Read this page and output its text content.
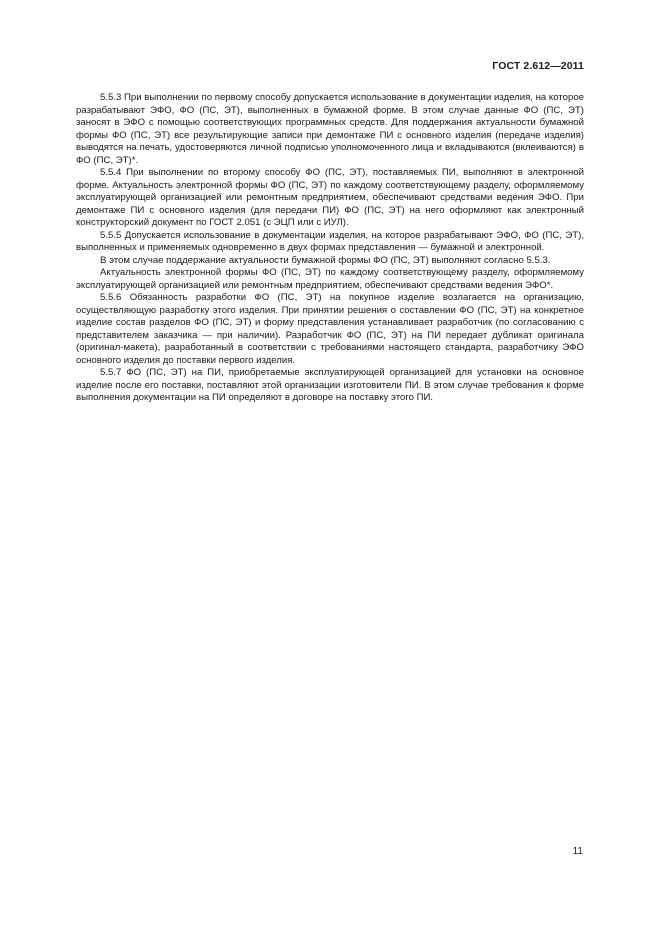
ГОСТ 2.612—2011

5.5.3 При выполнении по первому способу допускается использование в документации изделия, на которое разрабатывают ЭФО, ФО (ПС, ЭТ), выполненных в бумажной форме. В этом случае данные ФО (ПС, ЭТ) заносят в ЭФО с помощью соответствующих программных средств. Для поддержания актуальности бумажной формы ФО (ПС, ЭТ) все результирующие записи при демонтаже ПИ с основного изделия (передаче изделия) выводятся на печать, удостоверяются личной подписью уполномоченного лица и вкладываются (вклеиваются) в ФО (ПС, ЭТ)*.

5.5.4 При выполнении по второму способу ФО (ПС, ЭТ), поставляемых ПИ, выполняют в электронной форме. Актуальность электронной формы ФО (ПС, ЭТ) по каждому соответствующему разделу, оформляемому эксплуатирующей организацией или ремонтным предприятием, обеспечивают средствами ведения ЭФО. При демонтаже ПИ с основного изделия (для передачи ПИ) ФО (ПС, ЭТ) на него оформляют как электронный конструкторский документ по ГОСТ 2.051 (с ЭЦП или с ИУЛ).

5.5.5 Допускается использование в документации изделия, на которое разрабатывают ЭФО, ФО (ПС, ЭТ), выполненных и применяемых одновременно в двух формах представления — бумажной и электронной.

В этом случае поддержание актуальности бумажной формы ФО (ПС, ЭТ) выполняют согласно 5.5.3.

Актуальность электронной формы ФО (ПС, ЭТ) по каждому соответствующему разделу, оформляемому эксплуатирующей организацией или ремонтным предприятием, обеспечивают средствами ведения ЭФО*.

5.5.6 Обязанность разработки ФО (ПС, ЭТ) на покупное изделие возлагается на организацию, осуществляющую разработку этого изделия. При принятии решения о составлении ФО (ПС, ЭТ) на конкретное изделие состав разделов ФО (ПС, ЭТ) и форму представления устанавливает разработчик (по согласованию с представителем заказчика — при наличии). Разработчик ФО (ПС, ЭТ) на ПИ передает дубликат оригинала (оригинал-макета), разработанный в соответствии с требованиями настоящего стандарта, разработчику ЭФО основного изделия до поставки первого изделия.

5.5.7 ФО (ПС, ЭТ) на ПИ, приобретаемые эксплуатирующей организацией для установки на основное изделие после его поставки, поставляют этой организации изготовители ПИ. В этом случае требования к форме выполнения документации на ПИ определяют в договоре на поставку этого ПИ.

11
